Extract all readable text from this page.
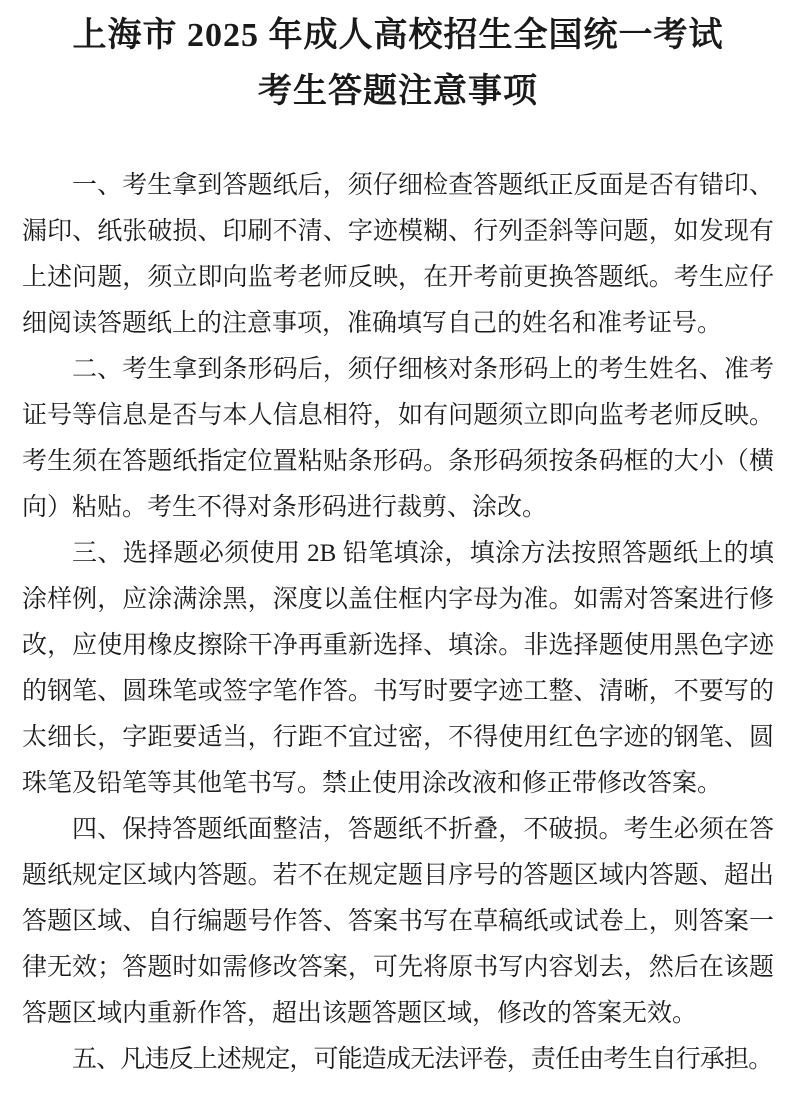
上海市 2025 年成人高校招生全国统一考试
考生答题注意事项

一、考生拿到答题纸后，须仔细检查答题纸正反面是否有错印、漏印、纸张破损、印刷不清、字迹模糊、行列歪斜等问题，如发现有上述问题，须立即向监考老师反映，在开考前更换答题纸。考生应仔细阅读答题纸上的注意事项，准确填写自己的姓名和准考证号。

二、考生拿到条形码后，须仔细核对条形码上的考生姓名、准考证号等信息是否与本人信息相符，如有问题须立即向监考老师反映。考生须在答题纸指定位置粘贴条形码。条形码须按条码框的大小（横向）粘贴。考生不得对条形码进行裁剪、涂改。

三、选择题必须使用 2B 铅笔填涂，填涂方法按照答题纸上的填涂样例，应涂满涂黑，深度以盖住框内字母为准。如需对答案进行修改，应使用橡皮擦除干净再重新选择、填涂。非选择题使用黑色字迹的钢笔、圆珠笔或签字笔作答。书写时要字迹工整、清晰，不要写的太细长，字距要适当，行距不宜过密，不得使用红色字迹的钢笔、圆珠笔及铅笔等其他笔书写。禁止使用涂改液和修正带修改答案。

四、保持答题纸面整洁，答题纸不折叠，不破损。考生必须在答题纸规定区域内答题。若不在规定题目序号的答题区域内答题、超出答题区域、自行编题号作答、答案书写在草稿纸或试卷上，则答案一律无效；答题时如需修改答案，可先将原书写内容划去，然后在该题答题区域内重新作答，超出该题答题区域，修改的答案无效。

五、凡违反上述规定，可能造成无法评卷，责任由考生自行承担。
